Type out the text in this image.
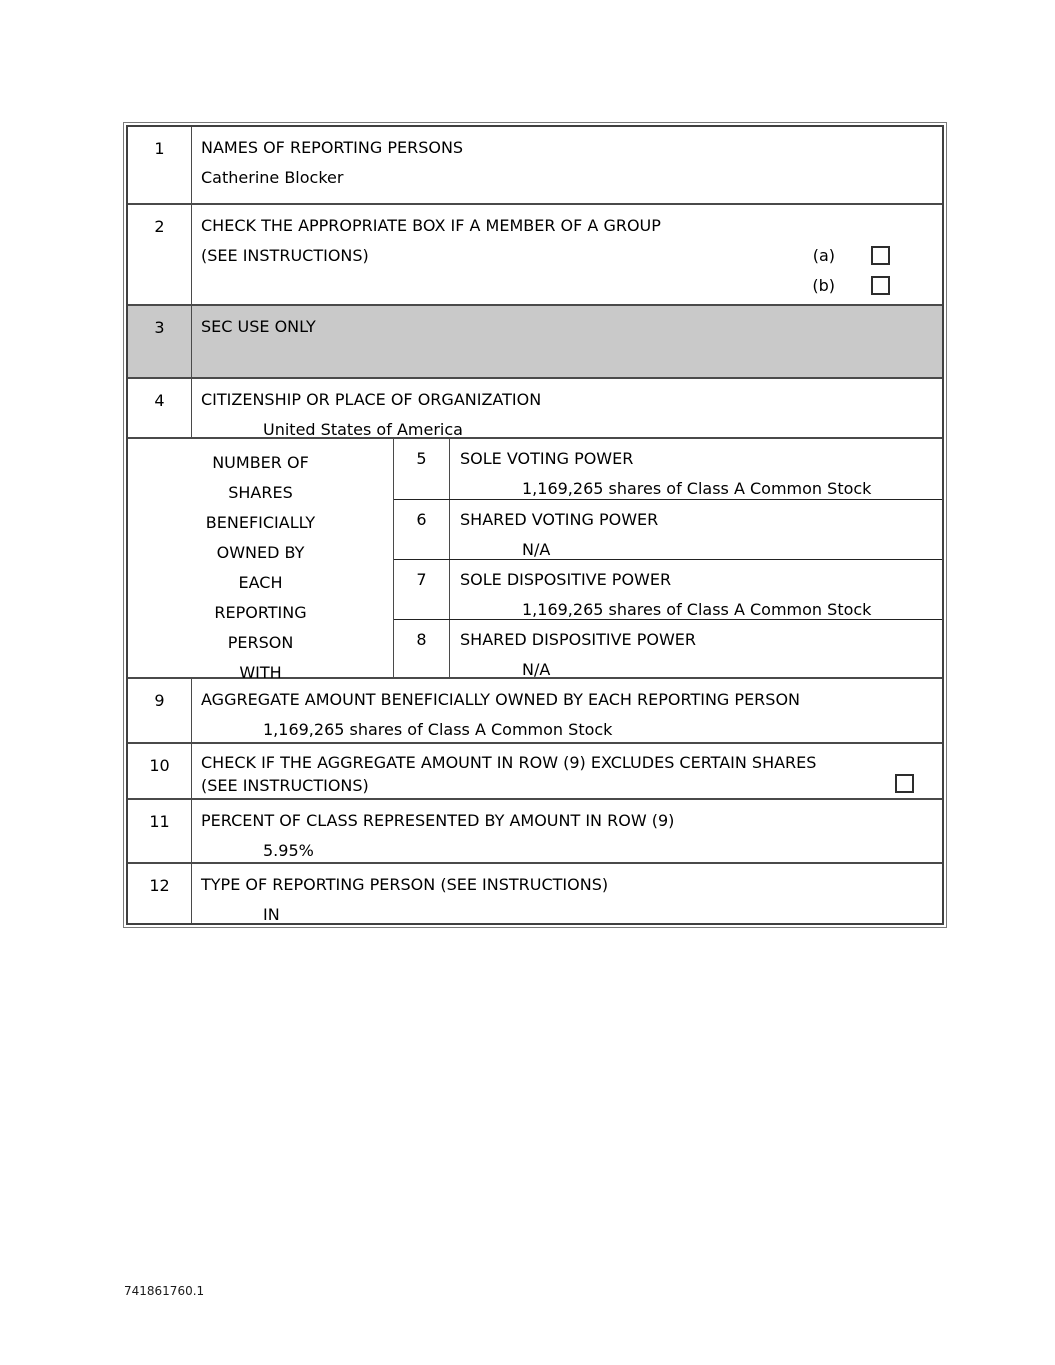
1	NAMES OF REPORTING PERSONS
Catherine Blocker
2	CHECK THE APPROPRIATE BOX IF A MEMBER OF A GROUP
(SEE INSTRUCTIONS)	(a)
(b)
3	SEC USE ONLY
4	CITIZENSHIP OR PLACE OF ORGANIZATION
United States of America
NUMBER OF
SHARES
BENEFICIALLY
OWNED BY
EACH
REPORTING
PERSON
WITH
5	SOLE VOTING POWER
1,169,265 shares of Class A Common Stock
6	SHARED VOTING POWER
N/A
7	SOLE DISPOSITIVE POWER
1,169,265 shares of Class A Common Stock
8	SHARED DISPOSITIVE POWER
N/A
9	AGGREGATE AMOUNT BENEFICIALLY OWNED BY EACH REPORTING PERSON
1,169,265 shares of Class A Common Stock
10	CHECK IF THE AGGREGATE AMOUNT IN ROW (9) EXCLUDES CERTAIN SHARES
(SEE INSTRUCTIONS)
11	PERCENT OF CLASS REPRESENTED BY AMOUNT IN ROW (9)
5.95%
12	TYPE OF REPORTING PERSON (SEE INSTRUCTIONS)
IN
741861760.1
